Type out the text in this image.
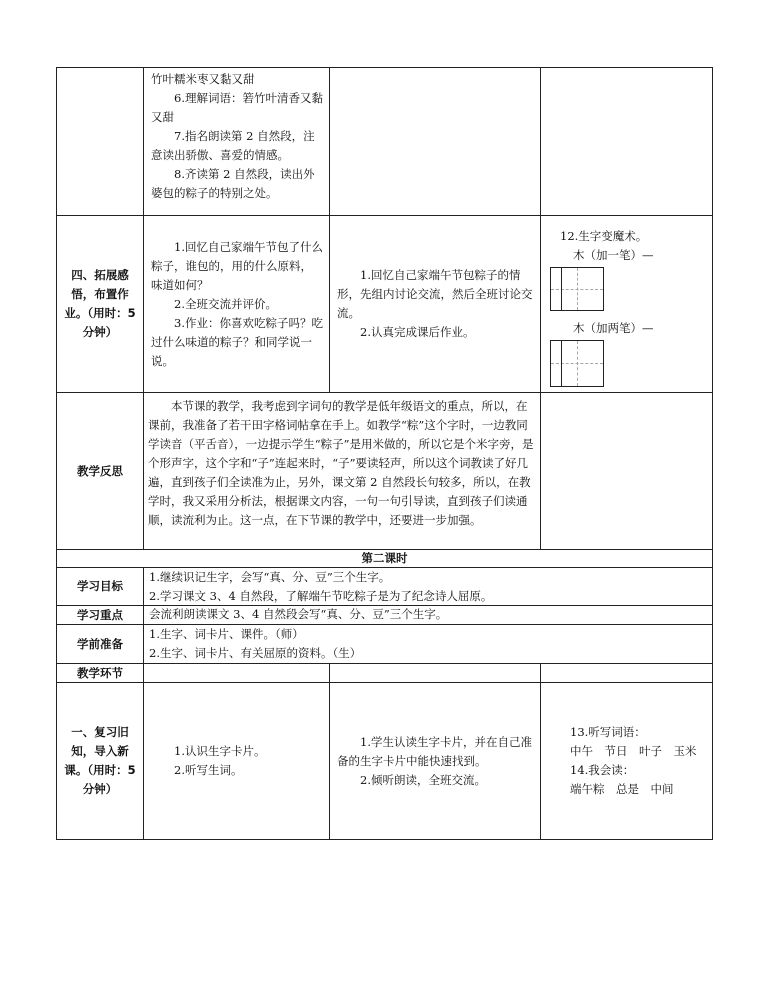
竹叶糯米枣又黏又甜

6.理解词语：箬竹叶清香又黏又甜

7.指名朗读第 2 自然段，注意读出骄傲、喜爱的情感。

8.齐读第 2 自然段，读出外婆包的粽子的特别之处。

四、拓展感悟，布置作业。（用时：5 分钟）

1.回忆自己家端午节包了什么粽子，谁包的，用的什么原料，味道如何？

2.全班交流并评价。

3.作业：你喜欢吃粽子吗？吃过什么味道的粽子？和同学说一说。

1.回忆自己家端午节包粽子的情形，先组内讨论交流，然后全班讨论交流。

2.认真完成课后作业。

12.生字变魔术。
木（加一笔）—
木（加两笔）—
教学反思

本节课的教学，我考虑到字词句的教学是低年级语文的重点，所以，在课前，我准备了若干田字格词帖拿在手上。如教学“粽”这个字时，一边教同学读音（平舌音），一边提示学生“粽子”是用米做的，所以它是个米字旁，是个形声字，这个字和“子”连起来时，“子”要读轻声，所以这个词教读了好几遍，直到孩子们全读准为止，另外，课文第 2 自然段长句较多，所以，在教学时，我又采用分析法，根据课文内容，一句一句引导读，直到孩子们读通顺，读流利为止。这一点，在下节课的教学中，还要进一步加强。

第二课时
学习目标

1.继续识记生字，会写“真、分、豆”三个生字。

2.学习课文 3、4 自然段，了解端午节吃粽子是为了纪念诗人屈原。

学习重点 会流利朗读课文 3、4 自然段会写“真、分、豆”三个生字。
学前准备

1.生字、词卡片、课件。（师）

2.生字、词卡片、有关屈原的资料。（生）

教学环节
一、复习旧知，导入新课。（用时：5 分钟）

1.认识生字卡片。

2.听写生词。

1.学生认读生字卡片，并在自己准备的生字卡片中能快速找到。

2.倾听朗读，全班交流。

13.听写词语：

中午　节日　叶子　玉米

14.我会读：

端午粽　总是　中间
